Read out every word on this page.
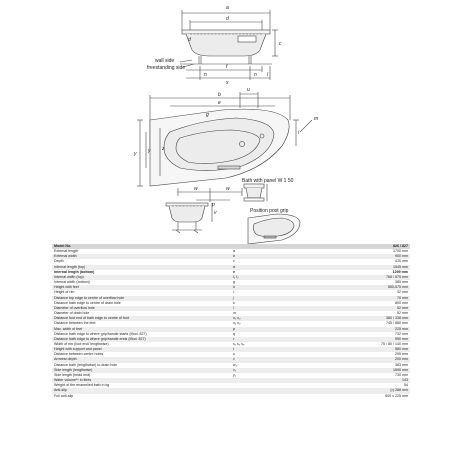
a
d
d
c
f
n	n
x
l
wall side
freestanding side
b
u
e
g
y y z
i
m
w	w
p
v
Bath with panel W 1 50
Position post grip
Model No.		826 / 827
External length	a	1700 mm
External width	b	900 mm
Depth	c	430 mm
Internal length (top)	d	1545 mm
Internal length (bottom)	e	1299 mm
Internal width (top)	f₁ f₂	765 / 575 mm
Internal width (bottom)	g	380 mm
Height with feet	h	550-575 mm
Height of rim	i	32 mm
Distance top edge to centre of overflow hole	j	70 mm
Distance bath edge to centre of drain hole	k	800 mm
Diameter of overflow hole	l	52 mm
Diameter of drain hole	m	52 mm
Distance foot end of bath edge to centre of foot	n₁ n₂	380 / 338 mm
Distance between the feet	o₁ o₂	745 / 880 mm
Max. width of feet	p	225 mm
Distance bath edge to where grip/handle starts (Mod. 827)	q	732 mm
Distance bath edge to where grip/handle ends (Mod. 827)	r	990 mm
Width of rim (foot end/ lengthwise)	s₁ s₂ s₃	75 / 80 / 140 mm
Height with support and panel	t	580 mm
Distance between centre holes	u	290 mm
Armrest depth	v	200 mm
Distance bath (lengthwise) to drain hole	w₁	383 mm
Side length (lengthwise)	x₁	1590 mm
Side length (head end)	y₁	730 mm
Water volume** in litres		143
Weight of the enamelled bath in kg		54
Anti-slip		(•) 288 mm
Full anti-slip		600 x 225 mm
